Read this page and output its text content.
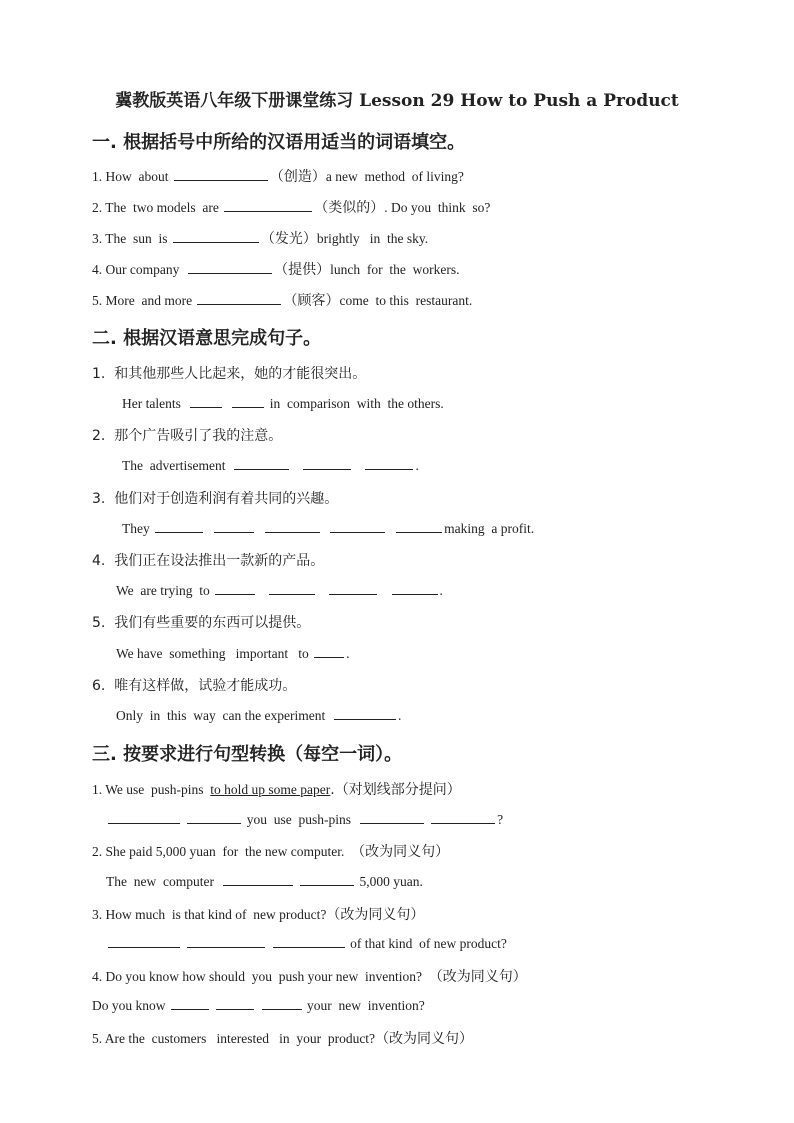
冀教版英语八年级下册课堂练习 Lesson 29 How to Push a Product
一. 根据括号中所给的汉语用适当的词语填空。
1. How  about	（创造）a new  method  of living?
2. The  two models  are	（类似的）. Do you  think  so?
3. The  sun  is	（发光）brightly   in  the sky.
4. Our company	（提供）lunch  for  the  workers.
5. More  and more	（顾客）come  to this  restaurant.
二. 根据汉语意思完成句子。
1.  和其他那些人比起来，她的才能很突出。
Her talents	in  comparison  with  the others.
2.  那个广告吸引了我的注意。
The  advertisement	.
3.  他们对于创造利润有着共同的兴趣。
They	making  a profit.
4.  我们正在设法推出一款新的产品。
We  are trying  to	.
5.  我们有些重要的东西可以提供。
We have  something   important   to	.
6.  唯有这样做，试验才能成功。
Only  in  this  way  can the experiment	.
三. 按要求进行句型转换（每空一词）。
1. We use  push-pins  to hold up some paper.（对划线部分提问）
you  use  push-pins	?
2. She paid 5,000 yuan  for  the new computer.  （改为同义句）
The  new  computer	5,000 yuan.
3. How much  is that kind of  new product?（改为同义句）
of that kind  of new product?
4. Do you know how should  you  push your new  invention?  （改为同义句）
Do you know	your  new  invention?
5. Are the  customers   interested   in  your  product?（改为同义句）
